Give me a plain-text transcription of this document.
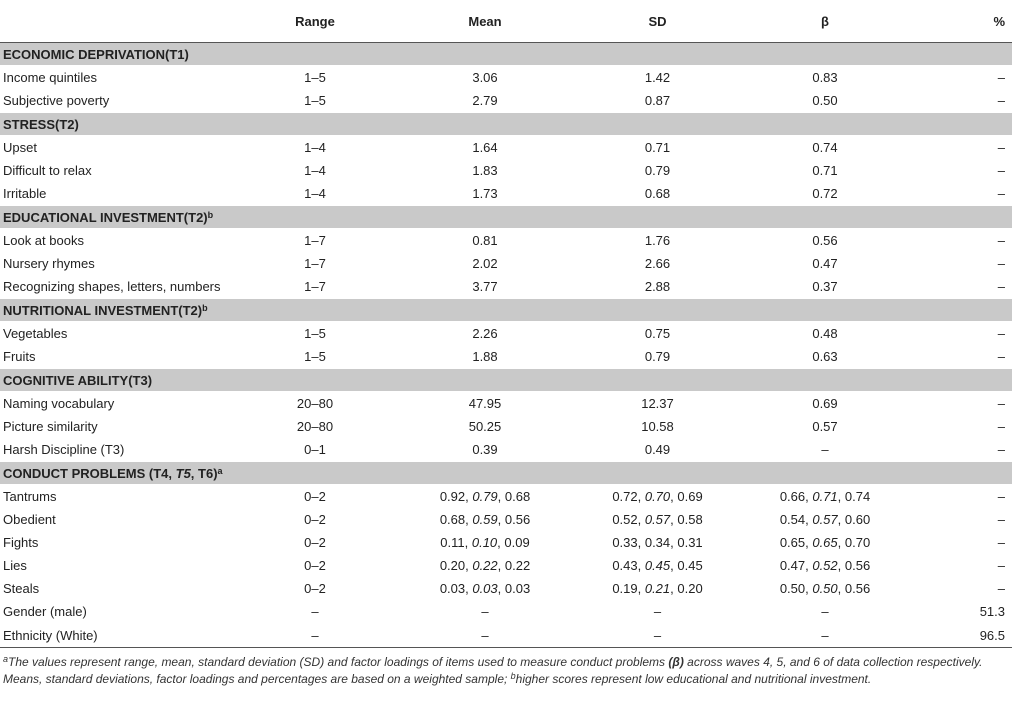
	Range	Mean	SD	β	%
ECONOMIC DEPRIVATION(T1)					
Income quintiles	1–5	3.06	1.42	0.83	–
Subjective poverty	1–5	2.79	0.87	0.50	–
STRESS(T2)					
Upset	1–4	1.64	0.71	0.74	–
Difficult to relax	1–4	1.83	0.79	0.71	–
Irritable	1–4	1.73	0.68	0.72	–
EDUCATIONAL $INVESTMENT(T2)^b$
Look at books	1–7	0.81	1.76	0.56	–
Nursery rhymes	1–7	2.02	2.66	0.47	–
Recognizing shapes, letters, numbers	1–7	3.77	2.88	0.37	–
NUTRITIONAL $INVESTMENT(T2)^b$
Vegetables	1–5	2.26	0.75	0.48	–
Fruits	1–5	1.88	0.79	0.63	–
COGNITIVE ABILITY(T3)					
Naming vocabulary	20–80	47.95	12.37	0.69	–
Picture similarity	20–80	50.25	10.58	0.57	–
Harsh Discipline (T3)	0–1	0.39	0.49	–	–
CONDUCT PROBLEMS (T4, T5, T6)$^a$
Tantrums	0–2	0.92, 0.79, 0.68	0.72, 0.70, 0.69	0.66, 0.71, 0.74	–
Obedient	0–2	0.68, 0.59, 0.56	0.52, 0.57, 0.58	0.54, 0.57, 0.60	–
Fights	0–2	0.11, 0.10, 0.09	0.33, 0.34, 0.31	0.65, 0.65, 0.70	–
Lies	0–2	0.20, 0.22, 0.22	0.43, 0.45, 0.45	0.47, 0.52, 0.56	–
Steals	0–2	0.03, 0.03, 0.03	0.19, 0.21, 0.20	0.50, 0.50, 0.56	–
Gender (male)	–	–	–	–	51.3
Ethnicity (White)	–	–	–	–	96.5
$^a$The values represent range, mean, standard deviation (SD) and factor loadings of items used to measure conduct problems (β) across waves 4, 5, and 6 of data collection respectively.
Means, standard deviations, factor loadings and percentages are based on a weighted sample; $^b$higher scores represent low educational and nutritional investment.
